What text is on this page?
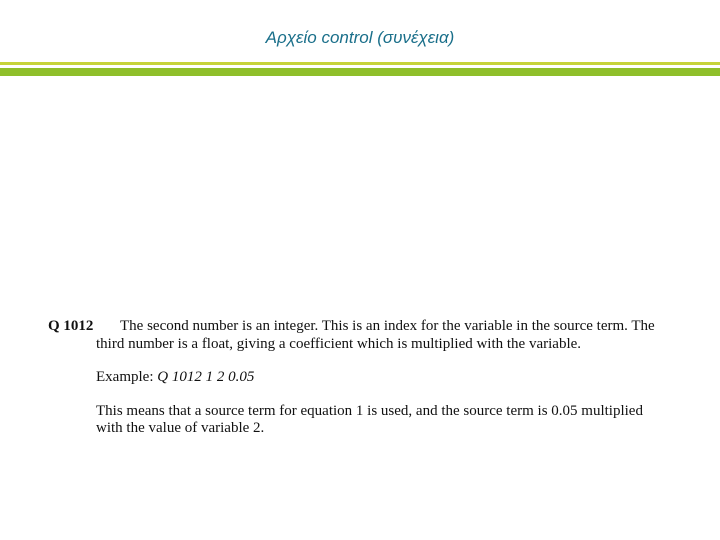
Αρχείο control (συνέχεια)
Q 1012	The second number is an integer. This is an index for the variable in the source term. The third number is a float, giving a coefficient which is multiplied with the variable.

Example: Q 1012 1 2 0.05

This means that a source term for equation 1 is used, and the source term is 0.05 multiplied with the value of variable 2.
